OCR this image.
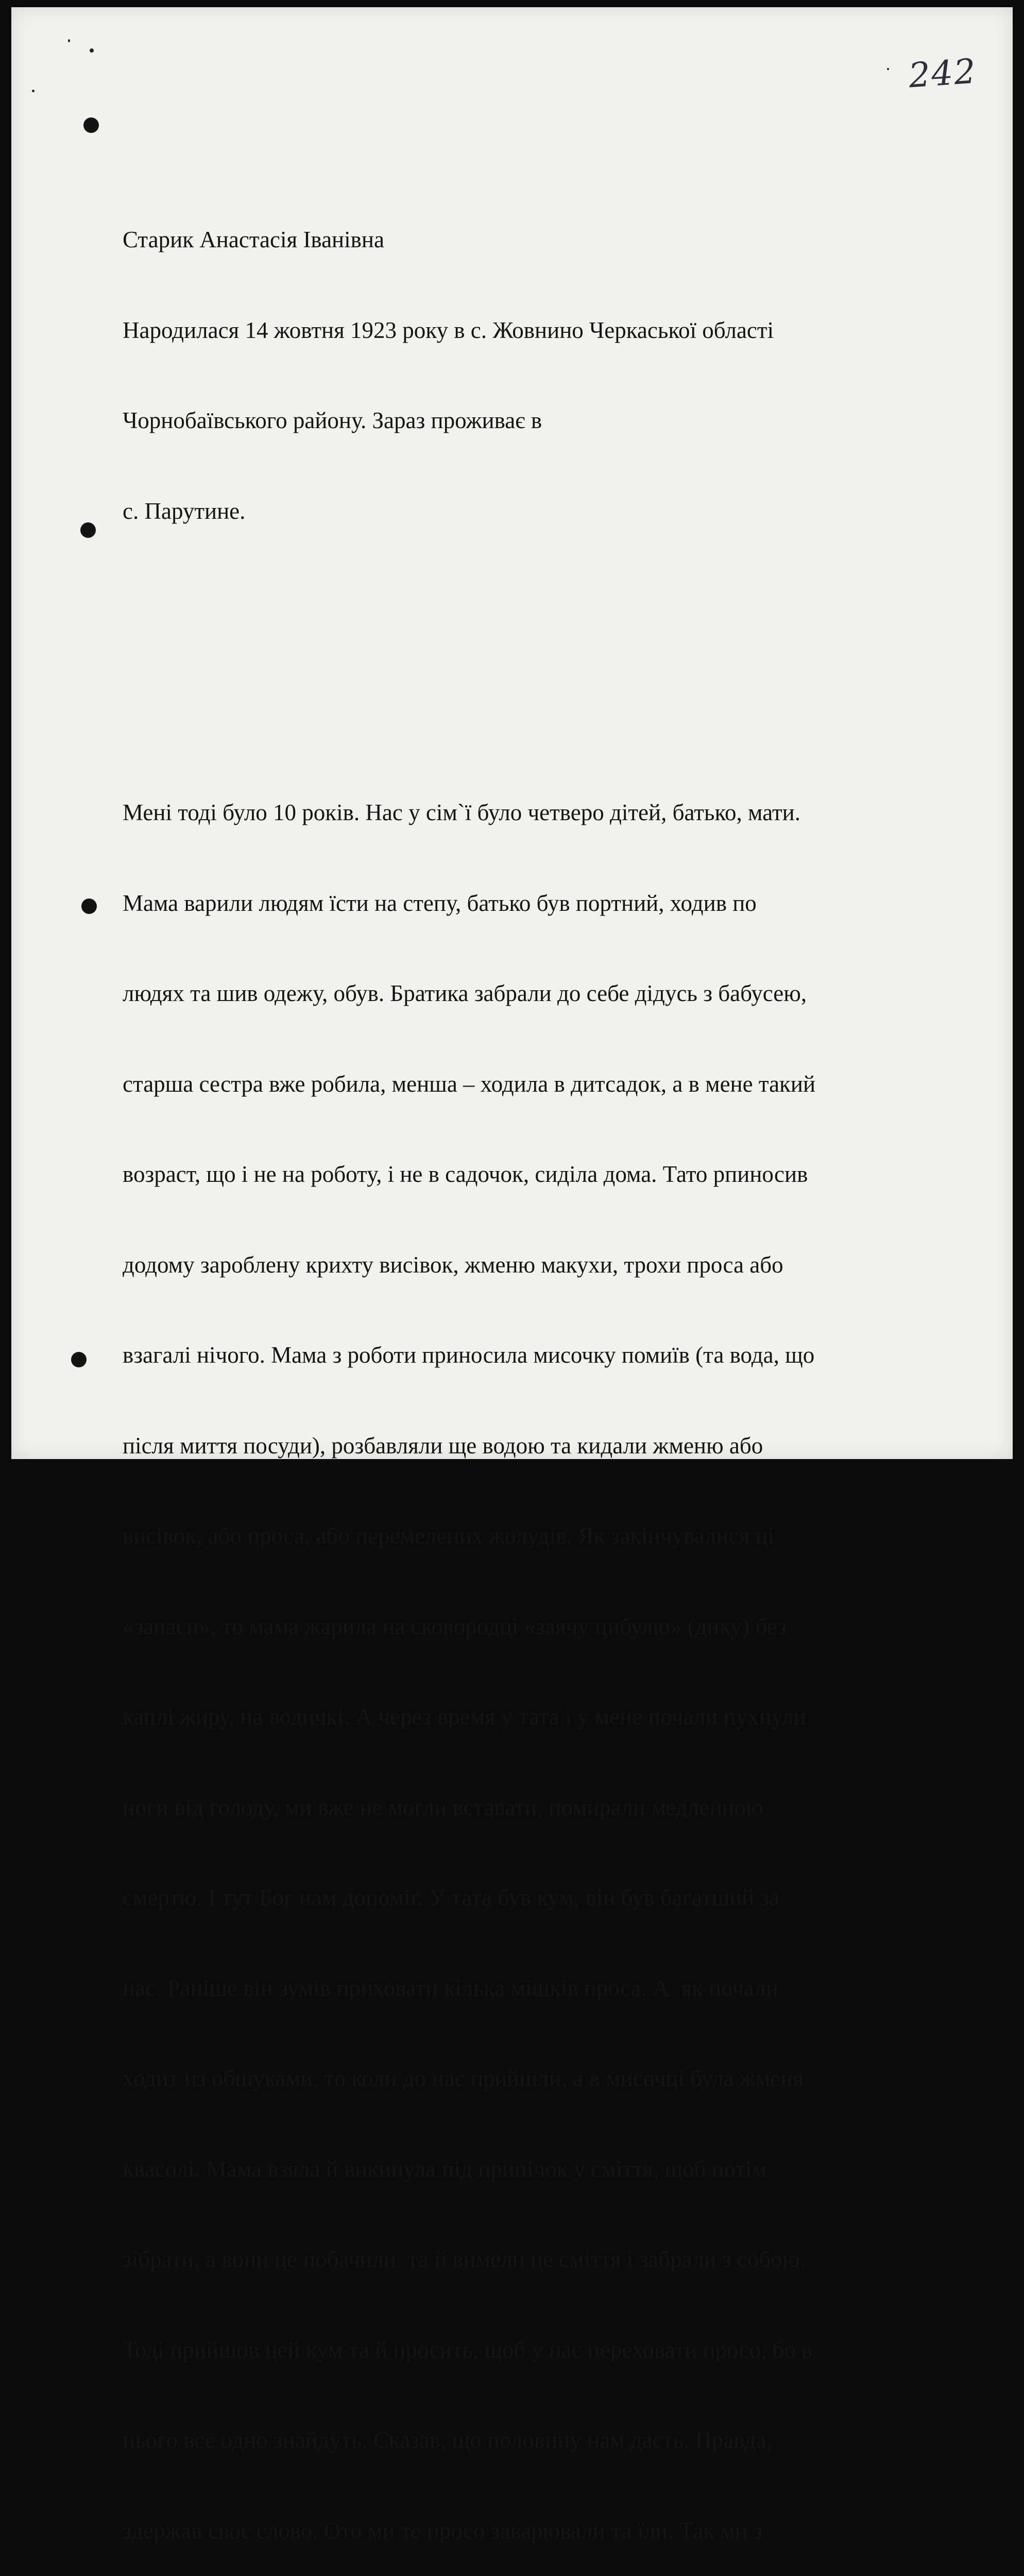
242

Старик Анастасія Іванівна

Народилася 14 жовтня 1923 року в с. Жовнино Черкаської області

Чорнобаївського району. Зараз проживає в

с. Парутине.

Мені тоді було 10 років. Нас у сім`ї було четверо дітей, батько, мати.

Мама варили людям їсти на степу, батько був портний, ходив по

людях та шив одежу, обув. Братика забрали до себе дідусь з бабусею,

старша сестра вже робила, менша – ходила в дитсадок, а в мене такий

возраст, що і не на роботу, і не в садочок, сиділа дома. Тато рпиносив

додому зароблену крихту висівок, жменю макухи, трохи проса або

взагалі нічого. Мама з роботи приносила мисочку помиїв (та вода, що

після миття посуди), розбавляли ще водою та кидали жменю або

висівок, або проса, або перемелених жолудів. Як закінчувалися ці

«запаси», то мама жарила на сковородці «заячу цибулю» (дику) без

каплі жиру, на водичкі. А через время у тата і у мене почали пухнули

ноги від голоду, ми вже не могли вставати, помирали медленною

смертю. І тут Бог нам допоміг. У тата був кум, він був багатший за

нас. Раніше він зумів приховати кілька мішків проса. А  як почали

ходит из обшуками, то коли до нас прийшли, а в мисочці була жменя

квасолі. Мама взяла й викинула під припічок у сміття, щоб потім

зібрати, а вони це побачили  та й вимели це сміття і забрали з собою.

Тоді прийшов цей кум та й просить, щоб у нас переховати просо, бо в

нього все одно знайдуть. Сказав, що половину нам дасть. Правда,

здержав своє слово. Ото ми те просо заварювали та їли. Так ми з
